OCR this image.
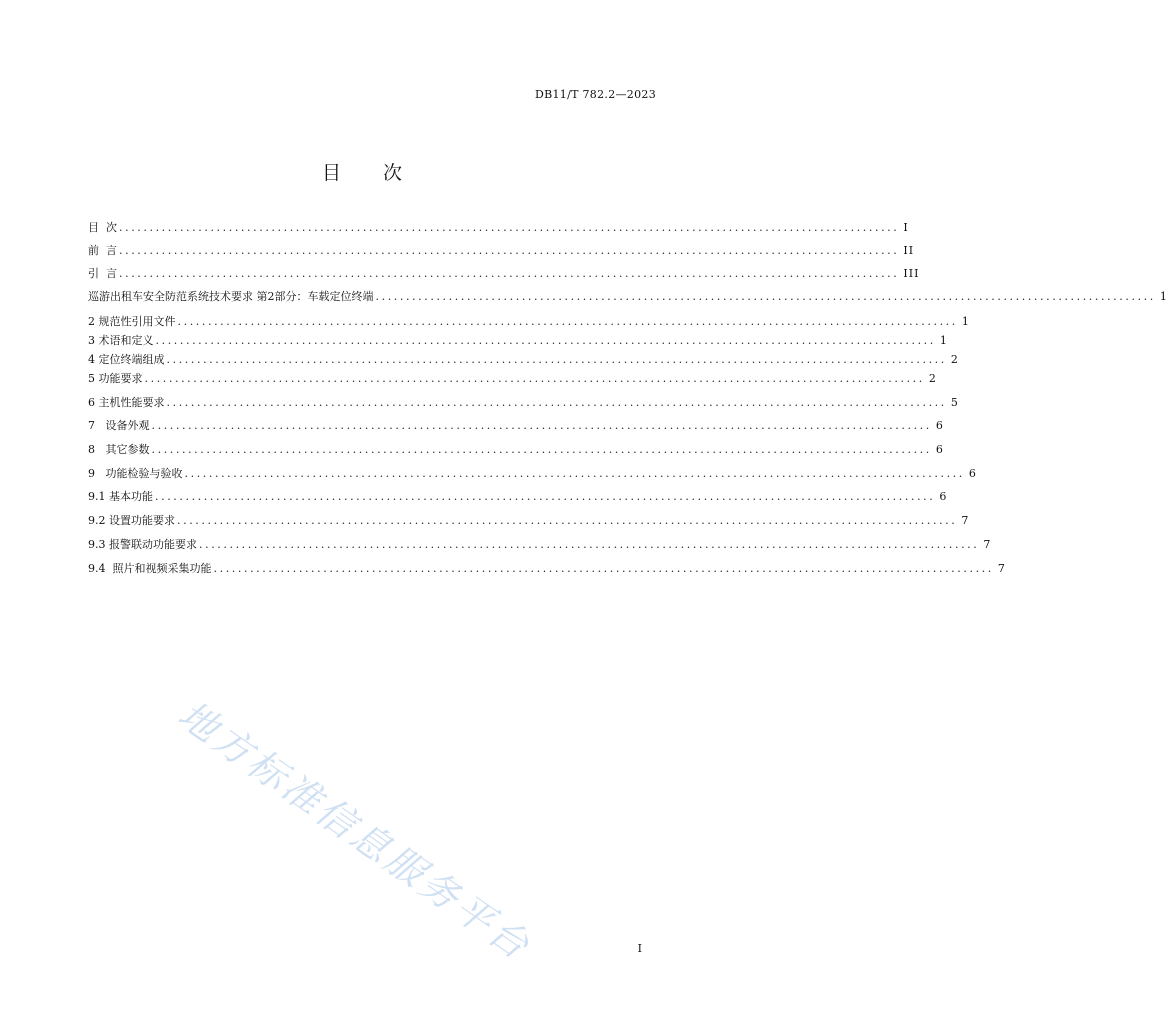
DB11/T 782.2—2023
目 次
目  次 ................................................................................................................................ I
前  言 ................................................................................................................................ II
引  言 ................................................................................................................................ III
巡游出租车安全防范系统技术要求 第2部分：车载定位终端 ................................................................................................................................ 1
2 规范性引用文件 ................................................................................................................................ 1
3 术语和定义 ................................................................................................................................ 1
4 定位终端组成 ................................................................................................................................ 2
5 功能要求 ................................................................................................................................ 2
6 主机性能要求 ................................................................................................................................ 5
7   设备外观 ................................................................................................................................ 6
8   其它参数 ................................................................................................................................ 6
9   功能检验与验收 ................................................................................................................................ 6
9.1 基本功能 ................................................................................................................................ 6
9.2 设置功能要求 ................................................................................................................................ 7
9.3 报警联动功能要求 ................................................................................................................................ 7
9.4  照片和视频采集功能 ................................................................................................................................ 7
地方标准信息服务平台	I
